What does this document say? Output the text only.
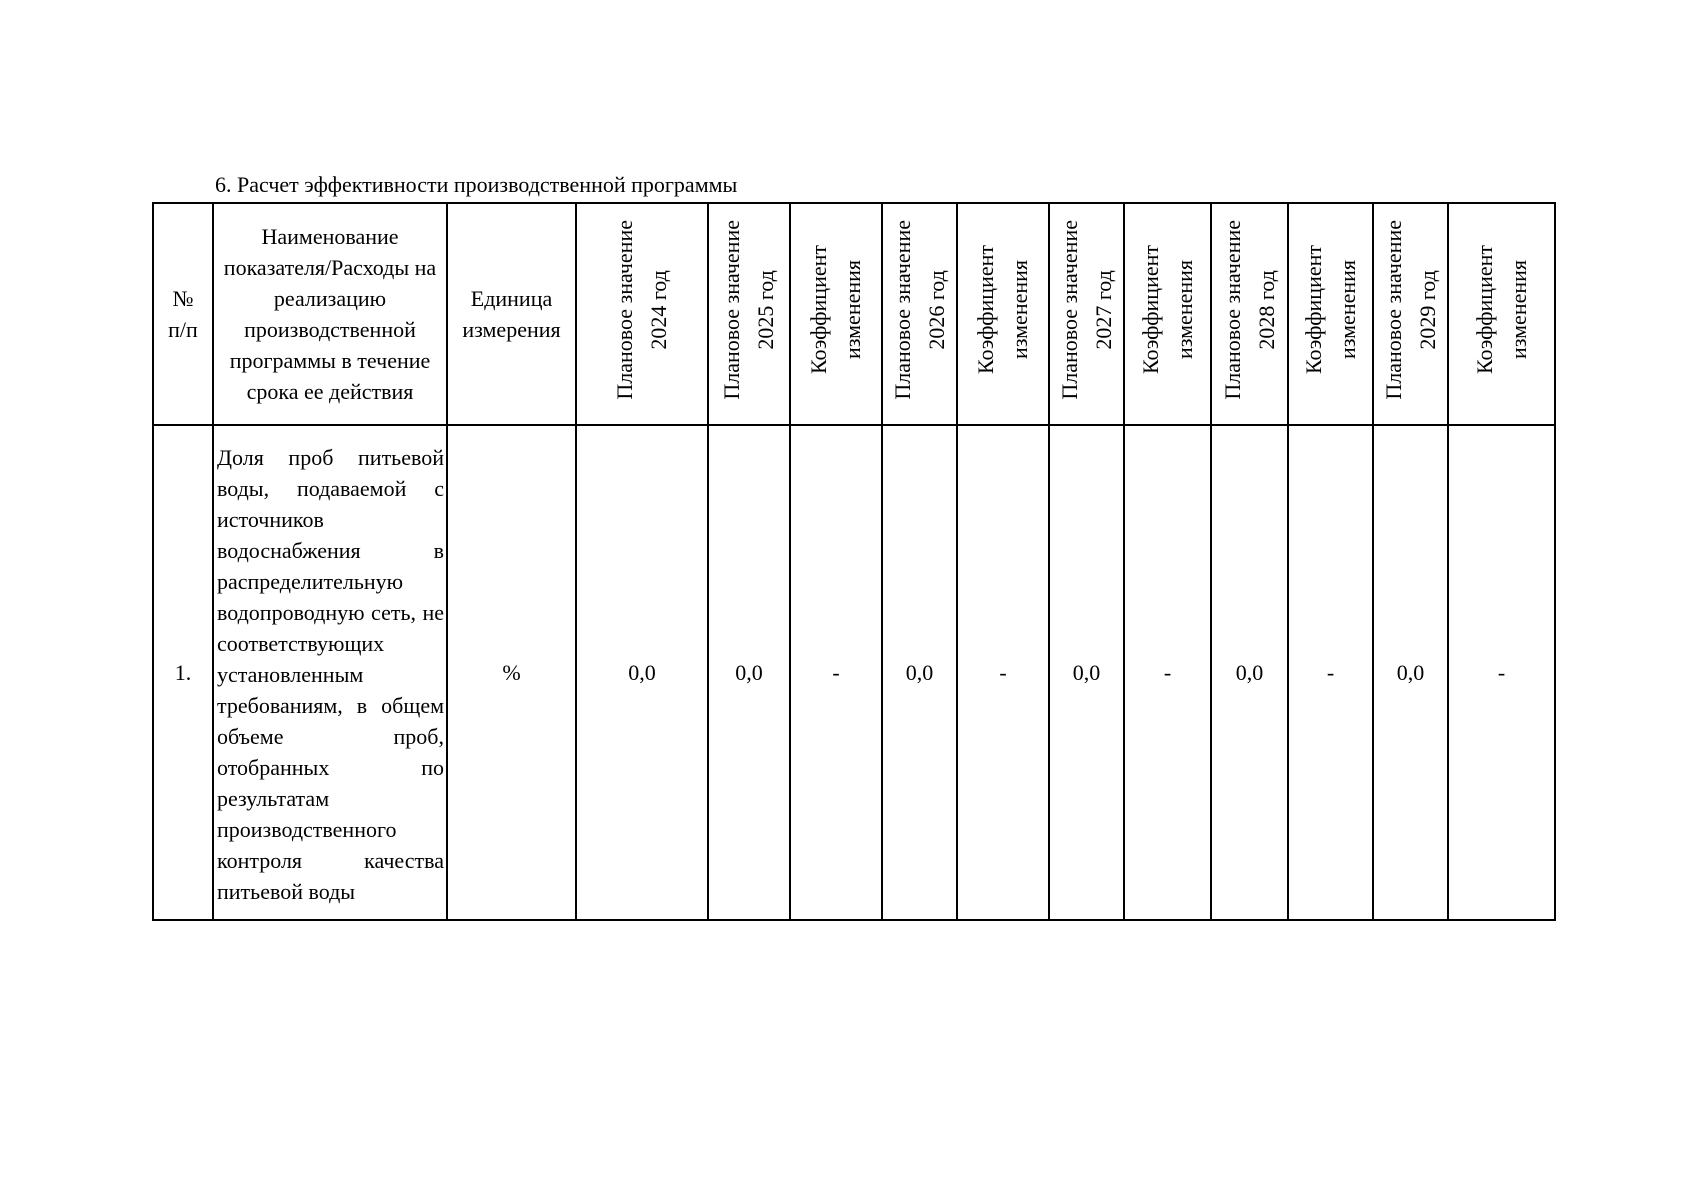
6. Расчет эффективности производственной программы
№ п/п	Наименование показателя/Расходы на реализацию производственной программы в течение срока ее действия	Единица измерения	Плановое значение 2024 год	Плановое значение 2025 год	Коэффициент изменения	Плановое значение 2026 год	Коэффициент изменения	Плановое значение 2027 год	Коэффициент изменения	Плановое значение 2028 год	Коэффициент изменения	Плановое значение 2029 год	Коэффициент изменения
1.	Доля проб питьевой воды, подаваемой с источников водоснабжения в распределительную водопроводную сеть, не соответствующих установленным требованиям, в общем объеме проб, отобранных по результатам производственного контроля качества питьевой воды	%	0,0	0,0	-	0,0	-	0,0	-	0,0	-	0,0	-
